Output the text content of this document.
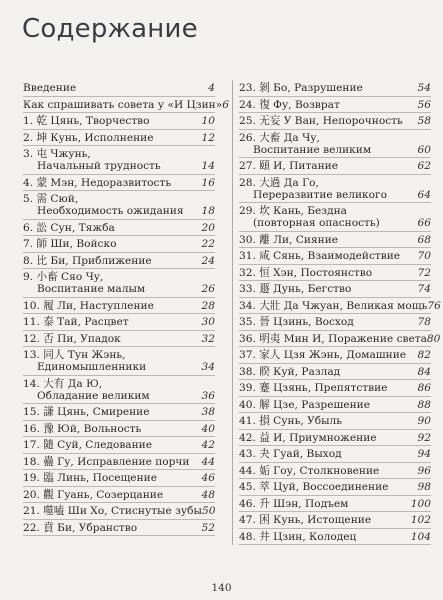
Содержание
Введение	4
Как спрашивать совета у «И Цзин» 6
1. 乾 Цянь, Творчество	10
2. 坤 Кунь, Исполнение	12
3. 屯 Чжунь,
Начальный трудность	14
4. 蒙 Мэн, Недоразвитость	16
5. 需 Сюй,
Необходимость ожидания	18
6. 訟 Сун, Тяжба	20
7. 師 Ши, Войско	22
8. 比 Би, Приближение	24
9. 小畜 Сяо Чу,
Воспитание малым	26
10. 履 Ли, Наступление	28
11. 泰 Тай, Расцвет	30
12. 否 Пи, Упадок	32
13. 同人 Тун Жэнь,
Единомышленники	34
14. 大有 Да Ю,
Обладание великим	36
15. 謙 Цянь, Смирение	38
16. 豫 Юй, Вольность	40
17. 隨 Суй, Следование	42
18. 蠱 Гу, Исправление порчи	44
19. 臨 Линь, Посещение	46
20. 觀 Гуань, Созерцание	48
21. 噬嗑 Ши Хо, Стиснутые зубы 50
22. 賁 Би, Убранство	52
23. 剝 Бо, Разрушение	54
24. 復 Фу, Возврат	56
25. 无妄 У Ван, Непорочность	58
26. 大畜 Да Чу,
Воспитание великим	60
27. 頤 И, Питание	62
28. 大過 Да Го,
Переразвитие великого	64
29. 坎 Кань, Бездна
(повторная опасность)	66
30. 離 Ли, Сияние	68
31. 咸 Сянь, Взаимодействие	70
32. 恒 Хэн, Постоянство	72
33. 遯 Дунь, Бегство	74
34. 大壯 Да Чжуан, Великая мощь 76
35. 晉 Цзинь, Восход	78
36. 明夷 Мин И, Поражение света 80
37. 家人 Цзя Жэнь, Домашние	82
38. 睽 Куй, Разлад	84
39. 蹇 Цзянь, Препятствие	86
40. 解 Цзе, Разрешение	88
41. 損 Сунь, Убыль	90
42. 益 И, Приумножение	92
43. 夬 Гуай, Выход	94
44. 姤 Гоу, Столкновение	96
45. 萃 Цуй, Воссоединение	98
46. 升 Шэн, Подъем	100
47. 困 Кунь, Истощение	102
48. 井 Цзин, Колодец	104
140
